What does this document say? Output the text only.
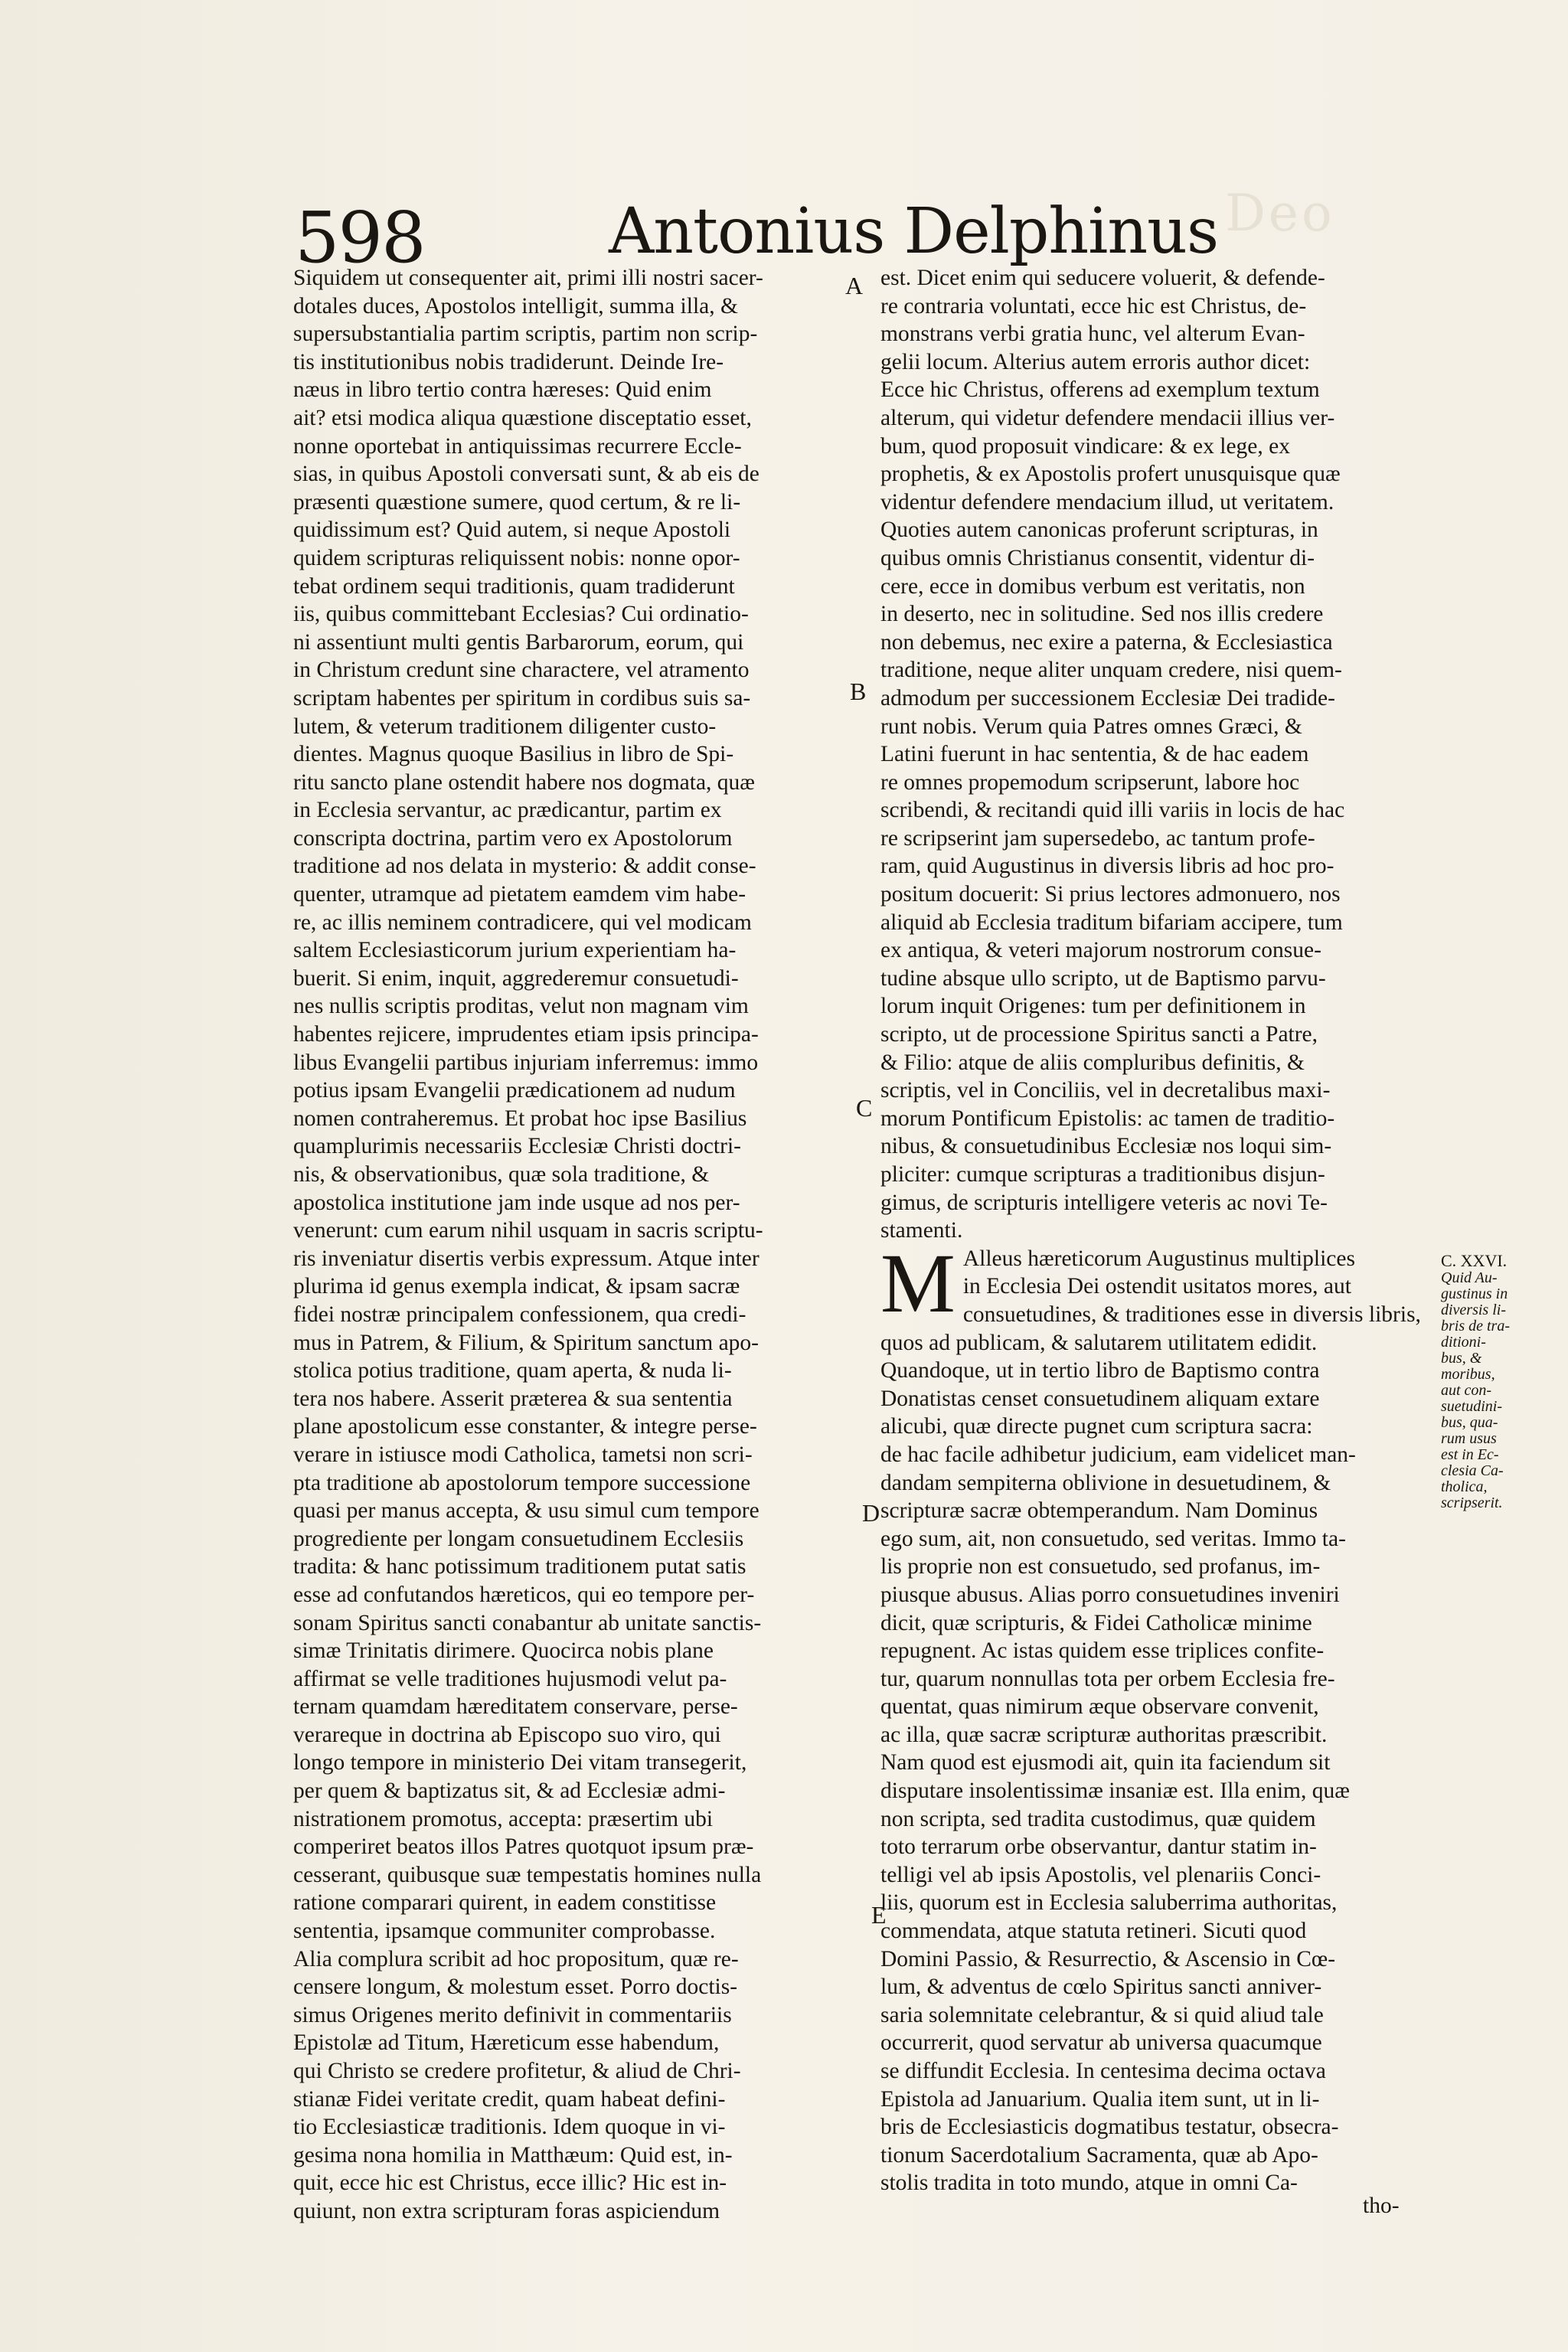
Deo
598	Antonius Delphinus

Siquidem ut consequenter ait, primi illi nostri sacer-
dotales duces, Apostolos intelligit, summa illa, &
supersubstantialia partim scriptis, partim non scrip-
tis institutionibus nobis tradiderunt. Deinde Ire-
næus in libro tertio contra hæreses: Quid enim
ait? etsi modica aliqua quæstione disceptatio esset,
nonne oportebat in antiquissimas recurrere Eccle-
sias, in quibus Apostoli conversati sunt, & ab eis de
præsenti quæstione sumere, quod certum, & re li-
quidissimum est? Quid autem, si neque Apostoli
quidem scripturas reliquissent nobis: nonne opor-
tebat ordinem sequi traditionis, quam tradiderunt
iis, quibus committebant Ecclesias? Cui ordinatio-
ni assentiunt multi gentis Barbarorum, eorum, qui
in Christum credunt sine charactere, vel atramento
scriptam habentes per spiritum in cordibus suis sa-
lutem, & veterum traditionem diligenter custo-
dientes. Magnus quoque Basilius in libro de Spi-
ritu sancto plane ostendit habere nos dogmata, quæ
in Ecclesia servantur, ac prædicantur, partim ex
conscripta doctrina, partim vero ex Apostolorum
traditione ad nos delata in mysterio: & addit conse-
quenter, utramque ad pietatem eamdem vim habe-
re, ac illis neminem contradicere, qui vel modicam
saltem Ecclesiasticorum jurium experientiam ha-
buerit. Si enim, inquit, aggrederemur consuetudi-
nes nullis scriptis proditas, velut non magnam vim
habentes rejicere, imprudentes etiam ipsis principa-
libus Evangelii partibus injuriam inferremus: immo
potius ipsam Evangelii prædicationem ad nudum
nomen contraheremus. Et probat hoc ipse Basilius
quamplurimis necessariis Ecclesiæ Christi doctri-
nis, & observationibus, quæ sola traditione, &
apostolica institutione jam inde usque ad nos per-
venerunt: cum earum nihil usquam in sacris scriptu-
ris inveniatur disertis verbis expressum. Atque inter
plurima id genus exempla indicat, & ipsam sacræ
fidei nostræ principalem confessionem, qua credi-
mus in Patrem, & Filium, & Spiritum sanctum apo-
stolica potius traditione, quam aperta, & nuda li-
tera nos habere. Asserit præterea & sua sententia
plane apostolicum esse constanter, & integre perse-
verare in istiusce modi Catholica, tametsi non scri-
pta traditione ab apostolorum tempore successione
quasi per manus accepta, & usu simul cum tempore
progrediente per longam consuetudinem Ecclesiis
tradita: & hanc potissimum traditionem putat satis
esse ad confutandos hæreticos, qui eo tempore per-
sonam Spiritus sancti conabantur ab unitate sanctis-
simæ Trinitatis dirimere. Quocirca nobis plane
affirmat se velle traditiones hujusmodi velut pa-
ternam quamdam hæreditatem conservare, perse-
verareque in doctrina ab Episcopo suo viro, qui
longo tempore in ministerio Dei vitam transegerit,
per quem & baptizatus sit, & ad Ecclesiæ admi-
nistrationem promotus, accepta: præsertim ubi
comperiret beatos illos Patres quotquot ipsum præ-
cesserant, quibusque suæ tempestatis homines nulla
ratione comparari quirent, in eadem constitisse
sententia, ipsamque communiter comprobasse.
Alia complura scribit ad hoc propositum, quæ re-
censere longum, & molestum esset. Porro doctis-
simus Origenes merito definivit in commentariis
Epistolæ ad Titum, Hæreticum esse habendum,
qui Christo se credere profitetur, & aliud de Chri-
stianæ Fidei veritate credit, quam habeat defini-
tio Ecclesiasticæ traditionis. Idem quoque in vi-
gesima nona homilia in Matthæum: Quid est, in-
quit, ecce hic est Christus, ecce illic? Hic est in-
quiunt, non extra scripturam foras aspiciendum

est. Dicet enim qui seducere voluerit, & defende-
re contraria voluntati, ecce hic est Christus, de-
monstrans verbi gratia hunc, vel alterum Evan-
gelii locum. Alterius autem erroris author dicet:
Ecce hic Christus, offerens ad exemplum textum
alterum, qui videtur defendere mendacii illius ver-
bum, quod proposuit vindicare: & ex lege, ex
prophetis, & ex Apostolis profert unusquisque quæ
videntur defendere mendacium illud, ut veritatem.
Quoties autem canonicas proferunt scripturas, in
quibus omnis Christianus consentit, videntur di-
cere, ecce in domibus verbum est veritatis, non
in deserto, nec in solitudine. Sed nos illis credere
non debemus, nec exire a paterna, & Ecclesiastica
traditione, neque aliter unquam credere, nisi quem-
admodum per successionem Ecclesiæ Dei tradide-
runt nobis. Verum quia Patres omnes Græci, &
Latini fuerunt in hac sententia, & de hac eadem
re omnes propemodum scripserunt, labore hoc
scribendi, & recitandi quid illi variis in locis de hac
re scripserint jam supersedebo, ac tantum profe-
ram, quid Augustinus in diversis libris ad hoc pro-
positum docuerit: Si prius lectores admonuero, nos
aliquid ab Ecclesia traditum bifariam accipere, tum
ex antiqua, & veteri majorum nostrorum consue-
tudine absque ullo scripto, ut de Baptismo parvu-
lorum inquit Origenes: tum per definitionem in
scripto, ut de processione Spiritus sancti a Patre,
& Filio: atque de aliis compluribus definitis, &
scriptis, vel in Conciliis, vel in decretalibus maxi-
morum Pontificum Epistolis: ac tamen de traditio-
nibus, & consuetudinibus Ecclesiæ nos loqui sim-
pliciter: cumque scripturas a traditionibus disjun-
gimus, de scripturis intelligere veteris ac novi Te-
stamenti.

M Alleus hæreticorum Augustinus multiplices
in Ecclesia Dei ostendit usitatos mores, aut
consuetudines, & traditiones esse in diversis libris,
quos ad publicam, & salutarem utilitatem edidit.
Quandoque, ut in tertio libro de Baptismo contra
Donatistas censet consuetudinem aliquam extare
alicubi, quæ directe pugnet cum scriptura sacra:
de hac facile adhibetur judicium, eam videlicet man-
dandam sempiterna oblivione in desuetudinem, &
scripturæ sacræ obtemperandum. Nam Dominus
ego sum, ait, non consuetudo, sed veritas. Immo ta-
lis proprie non est consuetudo, sed profanus, im-
piusque abusus. Alias porro consuetudines inveniri
dicit, quæ scripturis, & Fidei Catholicæ minime
repugnent. Ac istas quidem esse triplices confite-
tur, quarum nonnullas tota per orbem Ecclesia fre-
quentat, quas nimirum æque observare convenit,
ac illa, quæ sacræ scripturæ authoritas præscribit.
Nam quod est ejusmodi ait, quin ita faciendum sit
disputare insolentissimæ insaniæ est. Illa enim, quæ
non scripta, sed tradita custodimus, quæ quidem
toto terrarum orbe observantur, dantur statim in-
telligi vel ab ipsis Apostolis, vel plenariis Conci-
liis, quorum est in Ecclesia saluberrima authoritas,
commendata, atque statuta retineri. Sicuti quod
Domini Passio, & Resurrectio, & Ascensio in Cœ-
lum, & adventus de cœlo Spiritus sancti anniver-
saria solemnitate celebrantur, & si quid aliud tale
occurrerit, quod servatur ab universa quacumque
se diffundit Ecclesia. In centesima decima octava
Epistola ad Januarium. Qualia item sunt, ut in li-
bris de Ecclesiasticis dogmatibus testatur, obsecra-
tionum Sacerdotalium Sacramenta, quæ ab Apo-
stolis tradita in toto mundo, atque in omni Ca-

A
B
C
D
E
C. XXVI.
Quid Au-
gustinus in
diversis li-
bris de tra-
ditioni-
bus, &
moribus,
aut con-
suetudini-
bus, qua-
rum usus
est in Ec-
clesia Ca-
tholica,
scripserit.
tho-
